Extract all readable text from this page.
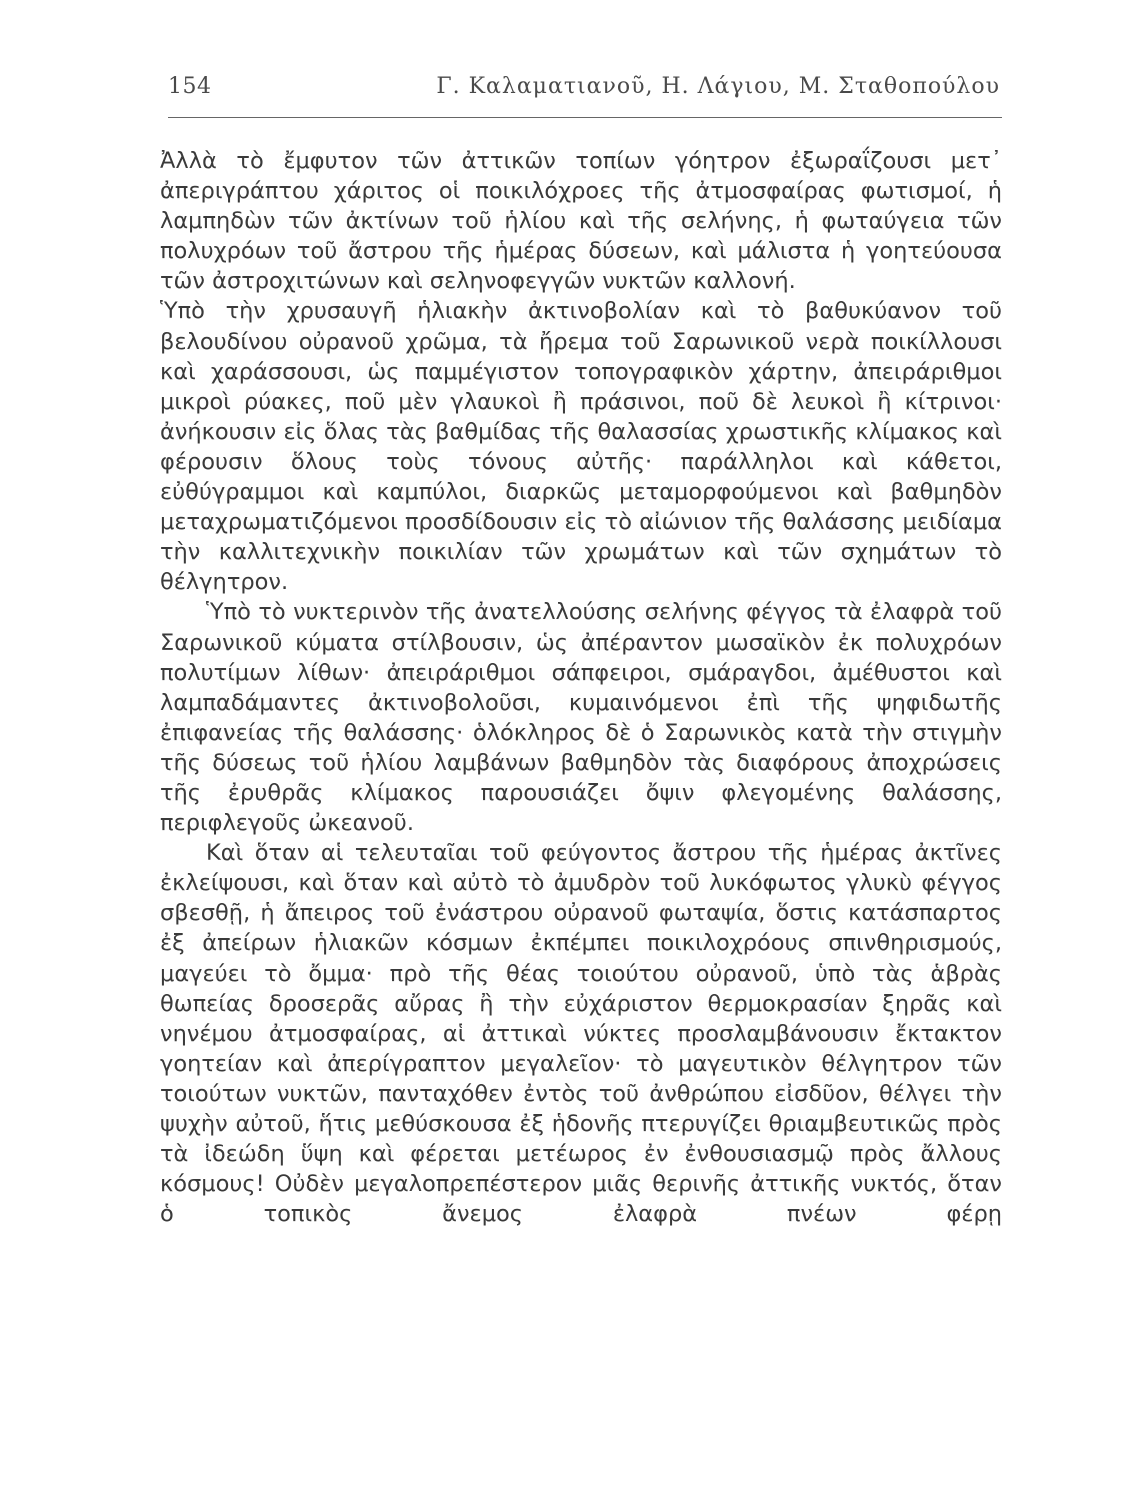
154	Γ. Καλαματιανοῦ, Η. Λάγιου, Μ. Σταθοπούλου

Ἀλλὰ τὸ ἔμφυτον τῶν ἀττικῶν τοπίων γόητρον ἐξωραΐζουσι μετ᾽ ἀπεριγράπτου χάριτος οἱ ποικιλόχροες τῆς ἀτμοσφαίρας φωτισμοί, ἡ λαμπηδὼν τῶν ἀκτίνων τοῦ ἡλίου καὶ τῆς σελήνης, ἡ φωταύγεια τῶν πολυχρόων τοῦ ἄστρου τῆς ἡμέρας δύσεων, καὶ μάλιστα ἡ γοητεύουσα τῶν ἀστροχιτώνων καὶ σεληνοφεγγῶν νυκτῶν καλλονή.

Ὑπὸ τὴν χρυσαυγῆ ἡλιακὴν ἀκτινοβολίαν καὶ τὸ βαθυκύανον τοῦ βελουδίνου οὐρανοῦ χρῶμα, τὰ ἤρεμα τοῦ Σαρωνικοῦ νερὰ ποικίλλουσι καὶ χαράσσουσι, ὡς παμμέγιστον τοπογραφικὸν χάρτην, ἀπειράριθμοι μικροὶ ρύακες, ποῦ μὲν γλαυκοὶ ἢ πράσινοι, ποῦ δὲ λευκοὶ ἢ κίτρινοι· ἀνήκουσιν εἰς ὅλας τὰς βαθμίδας τῆς θαλασσίας χρωστικῆς κλίμακος καὶ φέρουσιν ὅλους τοὺς τόνους αὐτῆς· παράλληλοι καὶ κάθετοι, εὐθύγραμμοι καὶ καμπύλοι, διαρκῶς μεταμορφούμενοι καὶ βαθμηδὸν μεταχρωματιζόμενοι προσδίδουσιν εἰς τὸ αἰώνιον τῆς θαλάσσης μειδίαμα τὴν καλλιτεχνικὴν ποικιλίαν τῶν χρωμάτων καὶ τῶν σχημάτων τὸ θέλγητρον.

Ὑπὸ τὸ νυκτερινὸν τῆς ἀνατελλούσης σελήνης φέγγος τὰ ἐλαφρὰ τοῦ Σαρωνικοῦ κύματα στίλβουσιν, ὡς ἀπέραντον μωσαϊκὸν ἐκ πολυχρόων πολυτίμων λίθων· ἀπειράριθμοι σάπφειροι, σμάραγδοι, ἀμέθυστοι καὶ λαμπαδάμαντες ἀκτινοβολοῦσι, κυμαινόμενοι ἐπὶ τῆς ψηφιδωτῆς ἐπιφανείας τῆς θαλάσσης· ὁλόκληρος δὲ ὁ Σαρωνικὸς κατὰ τὴν στιγμὴν τῆς δύσεως τοῦ ἡλίου λαμβάνων βαθμηδὸν τὰς διαφόρους ἀποχρώσεις τῆς ἐρυθρᾶς κλίμακος παρουσιάζει ὄψιν φλεγομένης θαλάσσης, περιφλεγοῦς ὠκεανοῦ.

Καὶ ὅταν αἱ τελευταῖαι τοῦ φεύγοντος ἄστρου τῆς ἡμέρας ἀκτῖνες ἐκλείψουσι, καὶ ὅταν καὶ αὐτὸ τὸ ἀμυδρὸν τοῦ λυκόφωτος γλυκὺ φέγγος σβεσθῇ, ἡ ἄπειρος τοῦ ἐνάστρου οὐρανοῦ φωταψία, ὅστις κατάσπαρτος ἐξ ἀπείρων ἡλιακῶν κόσμων ἐκπέμπει ποικιλοχρόους σπινθηρισμούς, μαγεύει τὸ ὄμμα· πρὸ τῆς θέας τοιούτου οὐρανοῦ, ὑπὸ τὰς ἁβρὰς θωπείας δροσερᾶς αὔρας ἢ τὴν εὐχάριστον θερμοκρασίαν ξηρᾶς καὶ νηνέμου ἀτμοσφαίρας, αἱ ἀττικαὶ νύκτες προσλαμβάνουσιν ἔκτακτον γοητείαν καὶ ἀπερίγραπτον μεγαλεῖον· τὸ μαγευτικὸν θέλγητρον τῶν τοιούτων νυκτῶν, πανταχόθεν ἐντὸς τοῦ ἀνθρώπου εἰσδῦον, θέλγει τὴν ψυχὴν αὐτοῦ, ἥτις μεθύσκουσα ἐξ ἡδονῆς πτερυγίζει θριαμβευτικῶς πρὸς τὰ ἰδεώδη ὕψη καὶ φέρεται μετέωρος ἐν ἐνθουσιασμῷ πρὸς ἄλλους κόσμους! Οὐδὲν μεγαλοπρεπέστερον μιᾶς θερινῆς ἀττικῆς νυκτός, ὅταν ὁ τοπικὸς ἄνεμος ἐλαφρὰ πνέων φέρῃ
